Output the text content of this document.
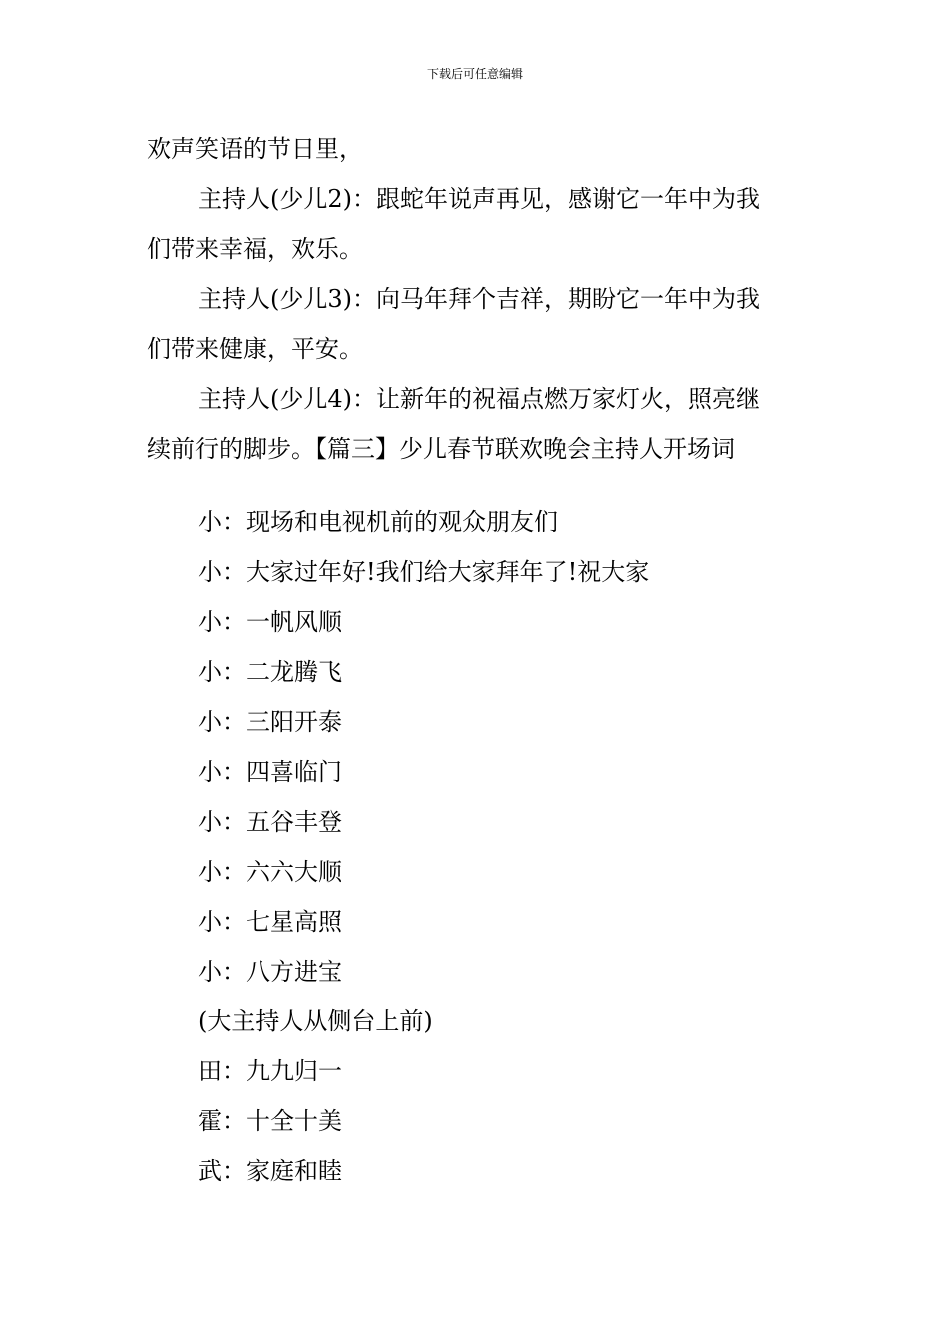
下载后可任意编辑
欢声笑语的节日里，
主持人(少儿2)：跟蛇年说声再见，感谢它一年中为我
们带来幸福，欢乐。
主持人(少儿3)：向马年拜个吉祥，期盼它一年中为我
们带来健康，平安。
主持人(少儿4)：让新年的祝福点燃万家灯火，照亮继
续前行的脚步。【篇三】少儿春节联欢晚会主持人开场词
小：现场和电视机前的观众朋友们
小：大家过年好!我们给大家拜年了!祝大家
小：一帆风顺
小：二龙腾飞
小：三阳开泰
小：四喜临门
小：五谷丰登
小：六六大顺
小：七星高照
小：八方进宝
(大主持人从侧台上前)
田：九九归一
霍：十全十美
武：家庭和睦
